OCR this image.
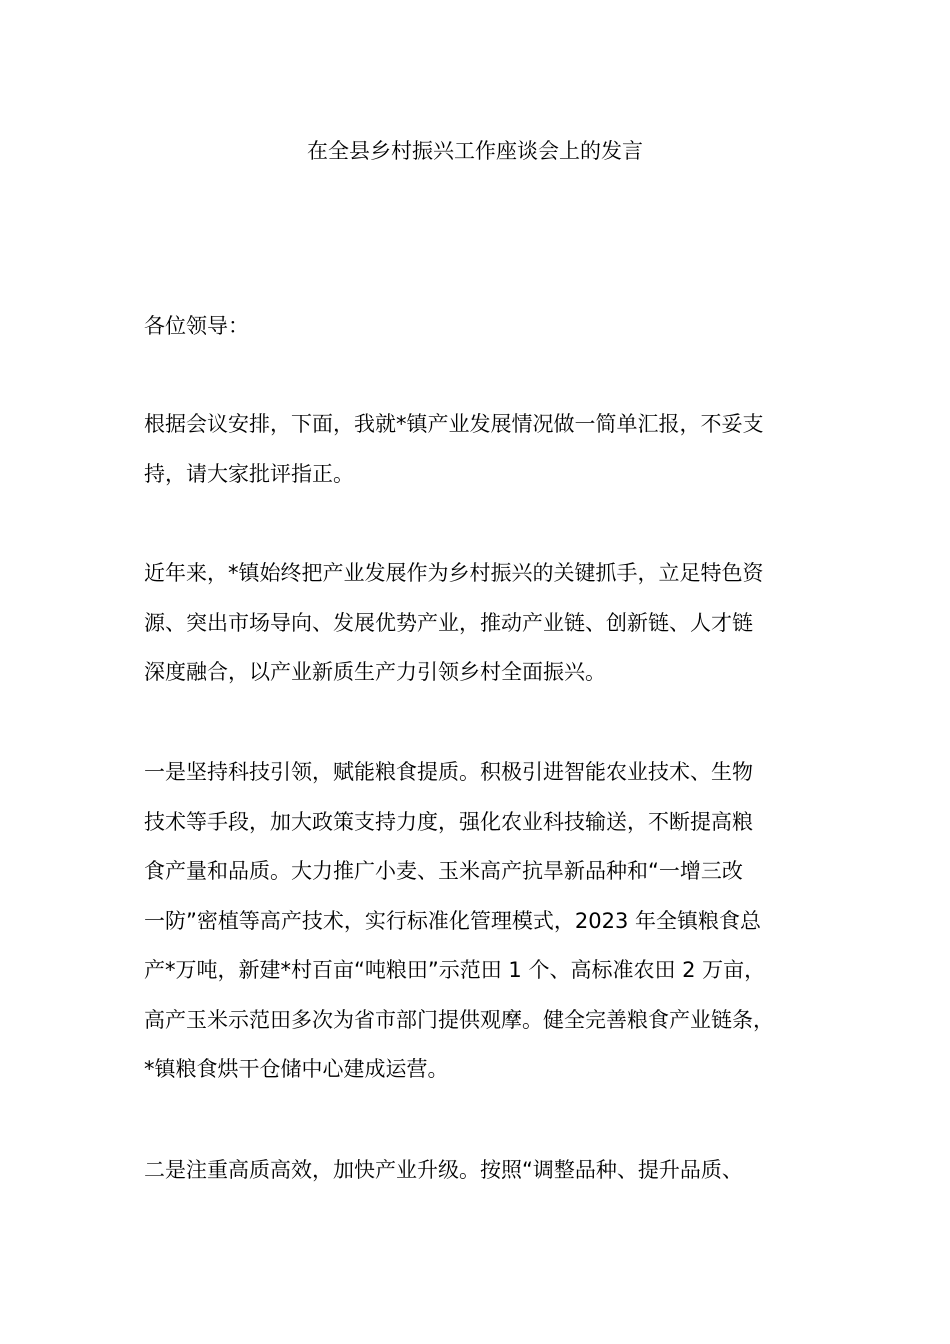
在全县乡村振兴工作座谈会上的发言

各位领导：

根据会议安排，下面，我就*镇产业发展情况做一简单汇报，不妥支
持，请大家批评指正。

近年来，*镇始终把产业发展作为乡村振兴的关键抓手，立足特色资
源、突出市场导向、发展优势产业，推动产业链、创新链、人才链
深度融合，以产业新质生产力引领乡村全面振兴。

一是坚持科技引领，赋能粮食提质。积极引进智能农业技术、生物
技术等手段，加大政策支持力度，强化农业科技输送，不断提高粮
食产量和品质。大力推广小麦、玉米高产抗旱新品种和“一增三改
一防”密植等高产技术，实行标准化管理模式，2023 年全镇粮食总
产*万吨，新建*村百亩“吨粮田”示范田 1 个、高标准农田 2 万亩，
高产玉米示范田多次为省市部门提供观摩。健全完善粮食产业链条，
*镇粮食烘干仓储中心建成运营。

二是注重高质高效，加快产业升级。按照“调整品种、提升品质、
